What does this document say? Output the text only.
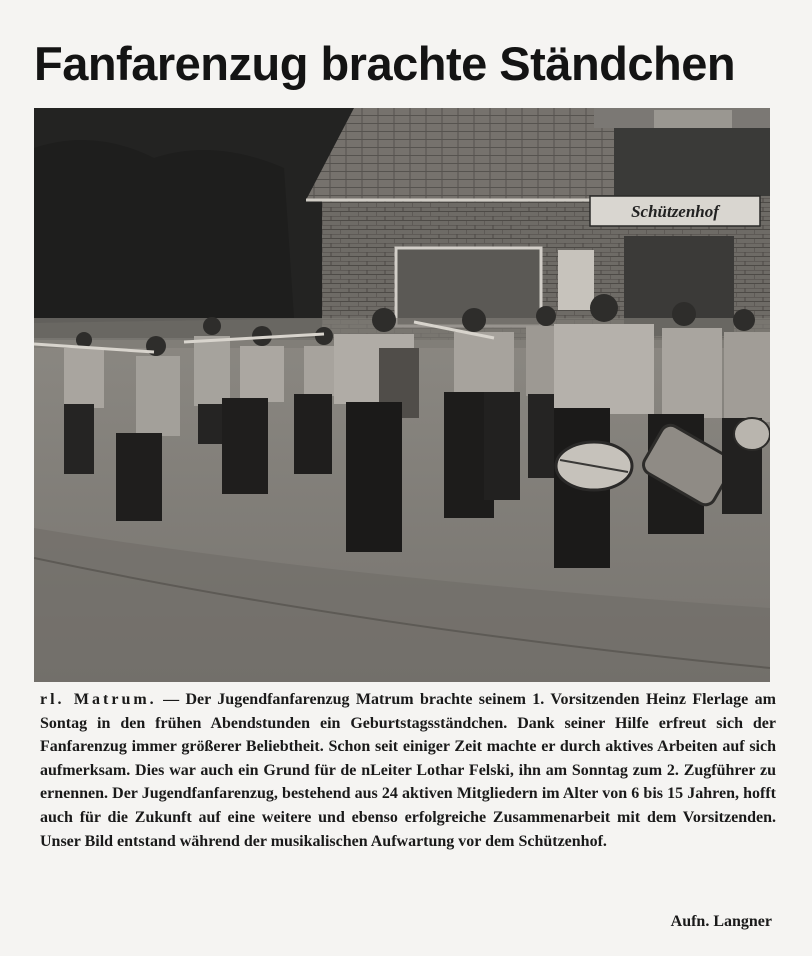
Fanfarenzug brachte Ständchen
Schützenhof
rl. Matrum. — Der Jugendfanfarenzug Matrum brachte seinem 1. Vorsitzenden Heinz Flerlage am Sontag in den frühen Abendstunden ein Geburtstagsständchen. Dank seiner Hilfe erfreut sich der Fanfarenzug immer größerer Beliebtheit. Schon seit einiger Zeit machte er durch aktives Arbeiten auf sich aufmerksam. Dies war auch ein Grund für de nLeiter Lothar Felski, ihn am Sonntag zum 2. Zugführer zu ernennen. Der Jugendfanfarenzug, bestehend aus 24 aktiven Mitgliedern im Alter von 6 bis 15 Jahren, hofft auch für die Zukunft auf eine weitere und ebenso erfolgreiche Zusammenarbeit mit dem Vorsitzenden. Unser Bild entstand während der musikalischen Aufwartung vor dem Schützenhof.
Aufn. Langner
